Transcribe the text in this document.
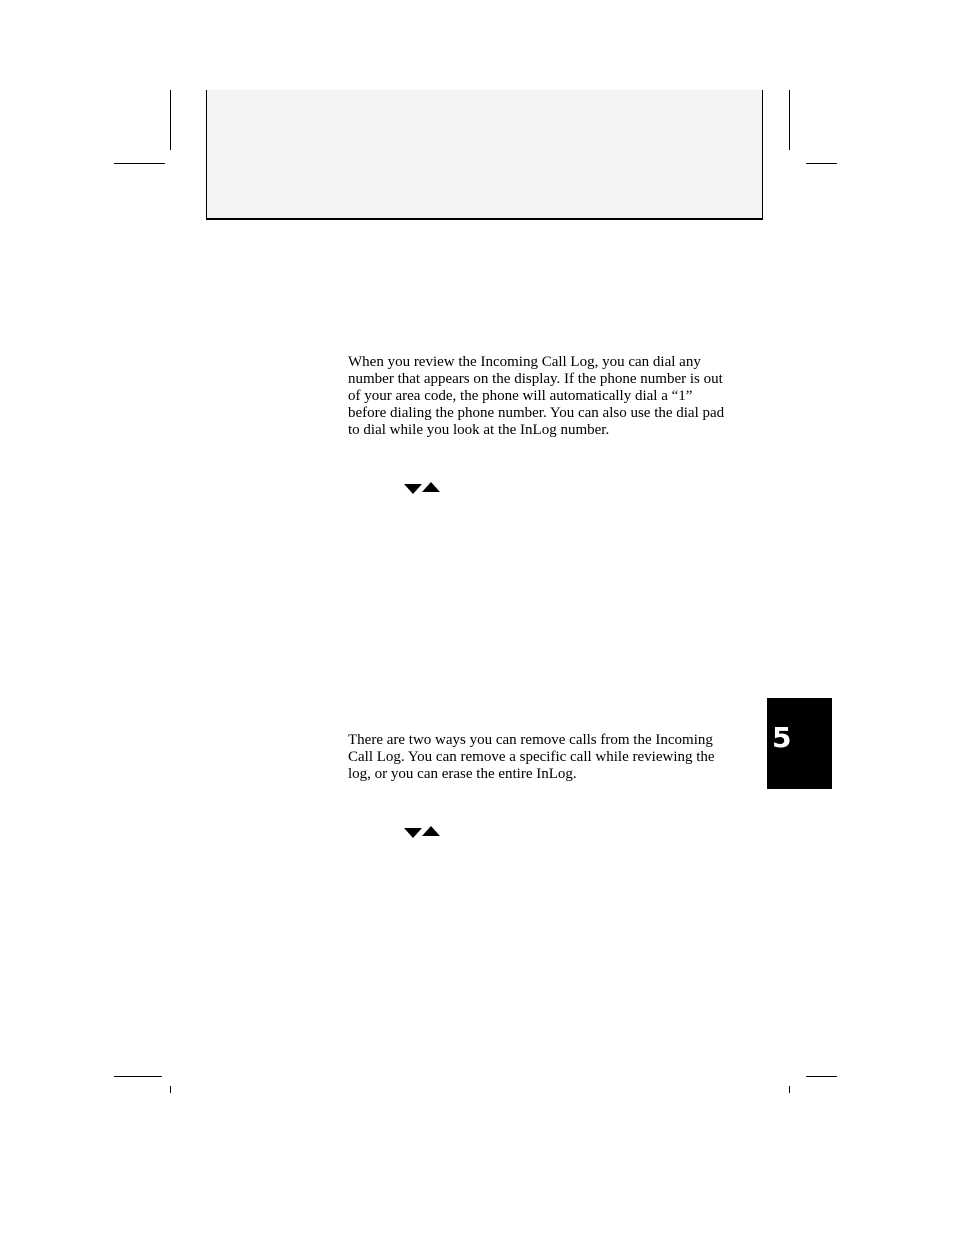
When you review the Incoming Call Log, you can dial any
number that appears on the display. If the phone number is out
of your area code, the phone will automatically dial a “1”
before dialing the phone number. You can also use the dial pad
to dial while you look at the InLog number.

There are two ways you can remove calls from the Incoming
Call Log. You can remove a specific call while reviewing the
log, or you can erase the entire InLog.

5
